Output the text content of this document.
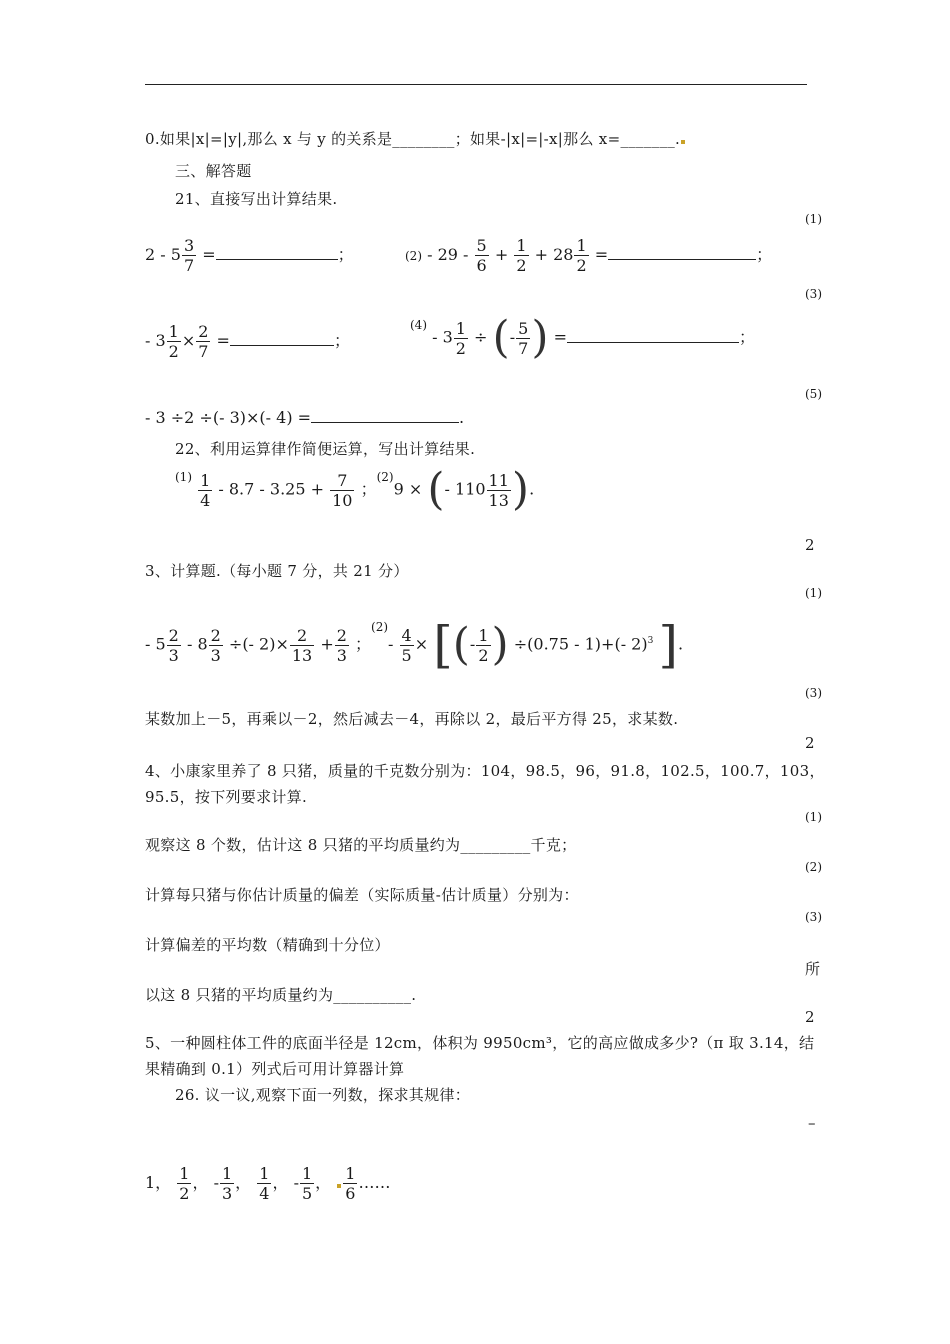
0.如果|x|=|y|,那么 x 与 y 的关系是________；如果-|x|=|-x|那么 x=_______.
三、解答题
21、直接写出计算结果.
(1)
$2 - 5 \frac{3}{7}$ =	；	$(2) - 29 - \frac{5}{6} + \frac{1}{2} + 28 \frac{1}{2}$ =	；
(3)
- $3 \frac{1}{2} \times \frac{2}{7}$ =	；
$^{(4)} - 3 \frac{1}{2}$ ÷ (- $\frac{5}{7}$ ) =	；
(5)
- 3 ÷2 ÷(- 3)×(- 4) =	.
22、利用运算律作简便运算，写出计算结果.
$^{(1)} \frac{1}{4} - 8.7 - 3.25 + \frac{7}{10}$ ；$^{(2)}$9 × (- $110 \frac{11}{13}$ ).
2
3、计算题.（每小题 7 分，共 21 分）
(1)
- $5 \frac{2}{3} - 8 \frac{2}{3}$ ÷(- $2)\times \frac{2}{13} + \frac{2}{3}$ ；$^{(2)}- \frac{4}{5}$ × [(- $\frac{1}{2}$ ) ÷(0.75 - 1)+(- 2)$^3$ ].
(3)
某数加上－5，再乘以－2，然后减去－4，再除以 2，最后平方得 25，求某数.
2
4、小康家里养了 8 只猪，质量的千克数分别为：104，98.5，96，91.8，102.5，100.7，103，
95.5，按下列要求计算.
(1)
观察这 8 个数，估计这 8 只猪的平均质量约为_________千克；
(2)
计算每只猪与你估计质量的偏差（实际质量-估计质量）分别为：
(3)
计算偏差的平均数（精确到十分位）
所
以这 8 只猪的平均质量约为__________.
2
5、一种圆柱体工件的底面半径是 12cm，体积为 9950cm³，它的高应做成多少?（π 取 3.14，结
果精确到 0.1）列式后可用计算器计算
26. 议一议,观察下面一列数，探求其规律：
–
1， $\frac{1}{2}$ ， - $\frac{1}{3}$ ， $\frac{1}{4}$ ， - $\frac{1}{5}$ ， $\frac{1}{6}$ ……
